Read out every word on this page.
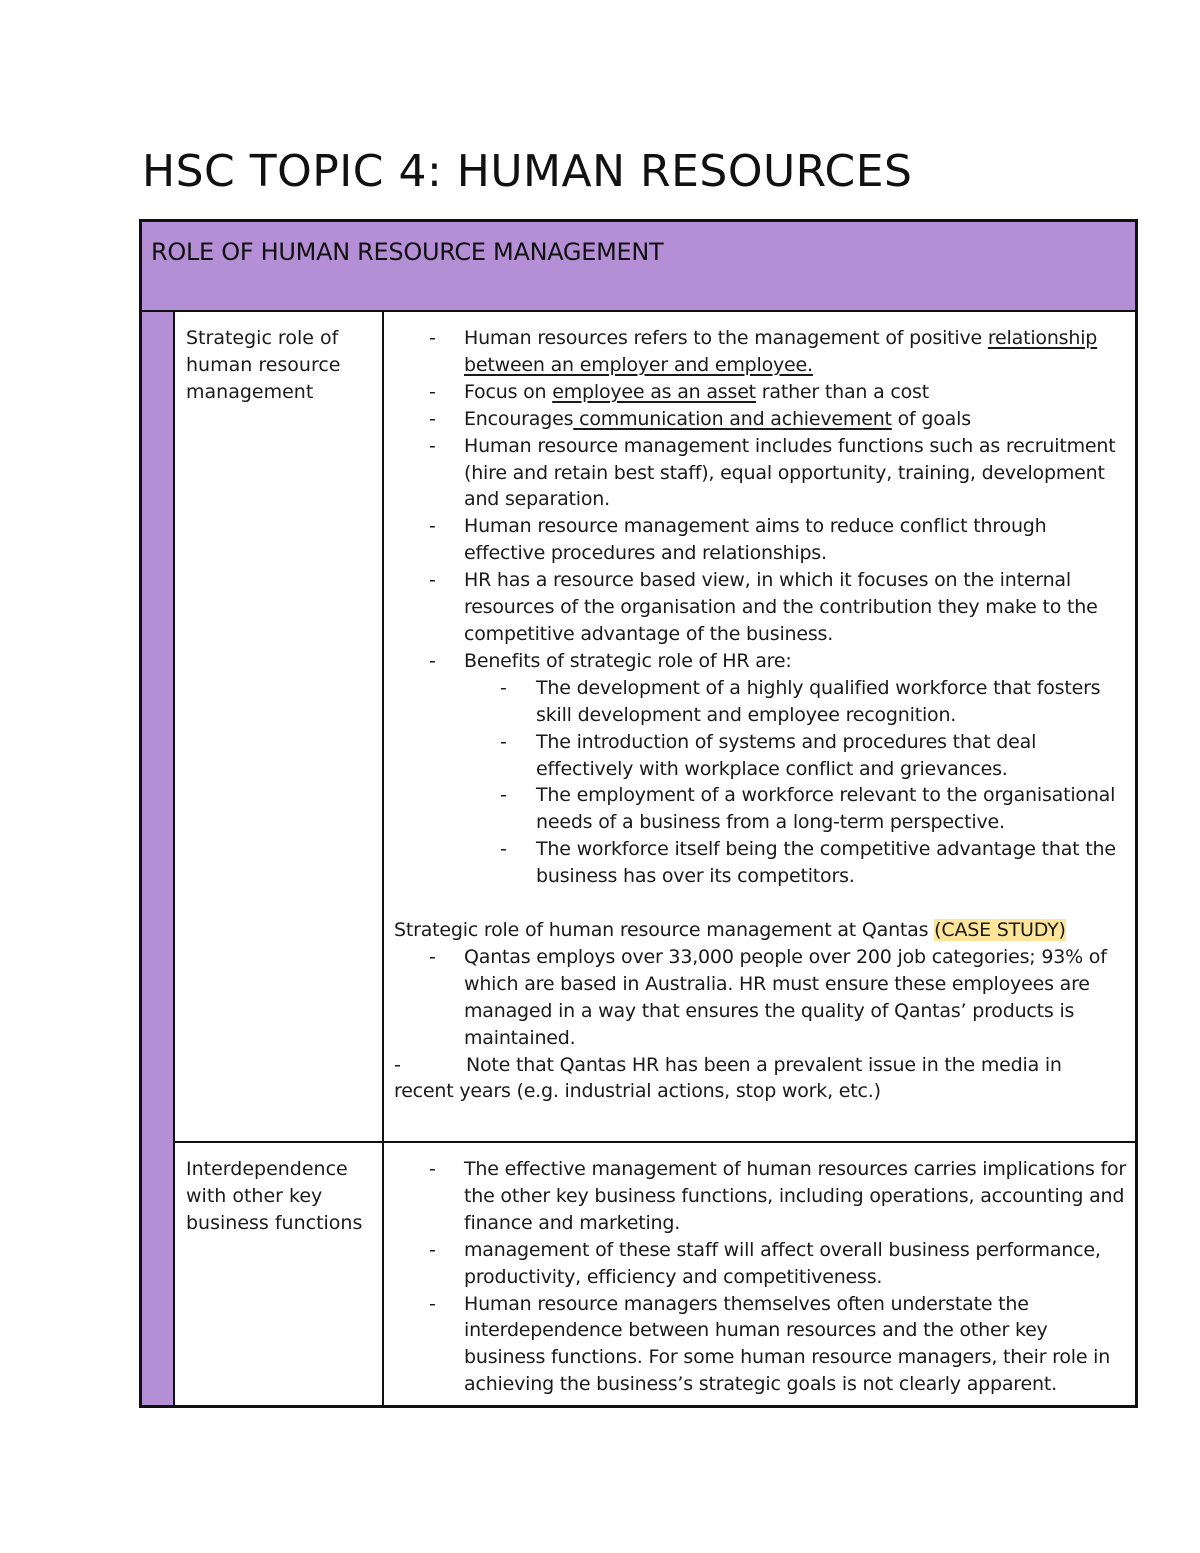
HSC TOPIC 4: HUMAN RESOURCES
ROLE OF HUMAN RESOURCE MANAGEMENT
Strategic role of human resource management
- Human resources refers to the management of positive relationship between an employer and employee.
- Focus on employee as an asset rather than a cost
- Encourages communication and achievement of goals
- Human resource management includes functions such as recruitment (hire and retain best staff), equal opportunity, training, development and separation.
- Human resource management aims to reduce conflict through effective procedures and relationships.
- HR has a resource based view, in which it focuses on the internal resources of the organisation and the contribution they make to the competitive advantage of the business.
- Benefits of strategic role of HR are:
- The development of a highly qualified workforce that fosters skill development and employee recognition.
- The introduction of systems and procedures that deal effectively with workplace conflict and grievances.
- The employment of a workforce relevant to the organisational needs of a business from a long-term perspective.
- The workforce itself being the competitive advantage that the business has over its competitors.

Strategic role of human resource management at Qantas (CASE STUDY)

- Qantas employs over 33,000 people over 200 job categories; 93% of which are based in Australia. HR must ensure these employees are managed in a way that ensures the quality of Qantas’ products is maintained.

-	Note that Qantas HR has been a prevalent issue in the media in

recent years (e.g. industrial actions, stop work, etc.)

Interdependence with other key business functions
- The effective management of human resources carries implications for the other key business functions, including operations, accounting and finance and marketing.
- management of these staff will affect overall business performance, productivity, efficiency and competitiveness.
- Human resource managers themselves often understate the interdependence between human resources and the other key business functions. For some human resource managers, their role in achieving the business’s strategic goals is not clearly apparent.
